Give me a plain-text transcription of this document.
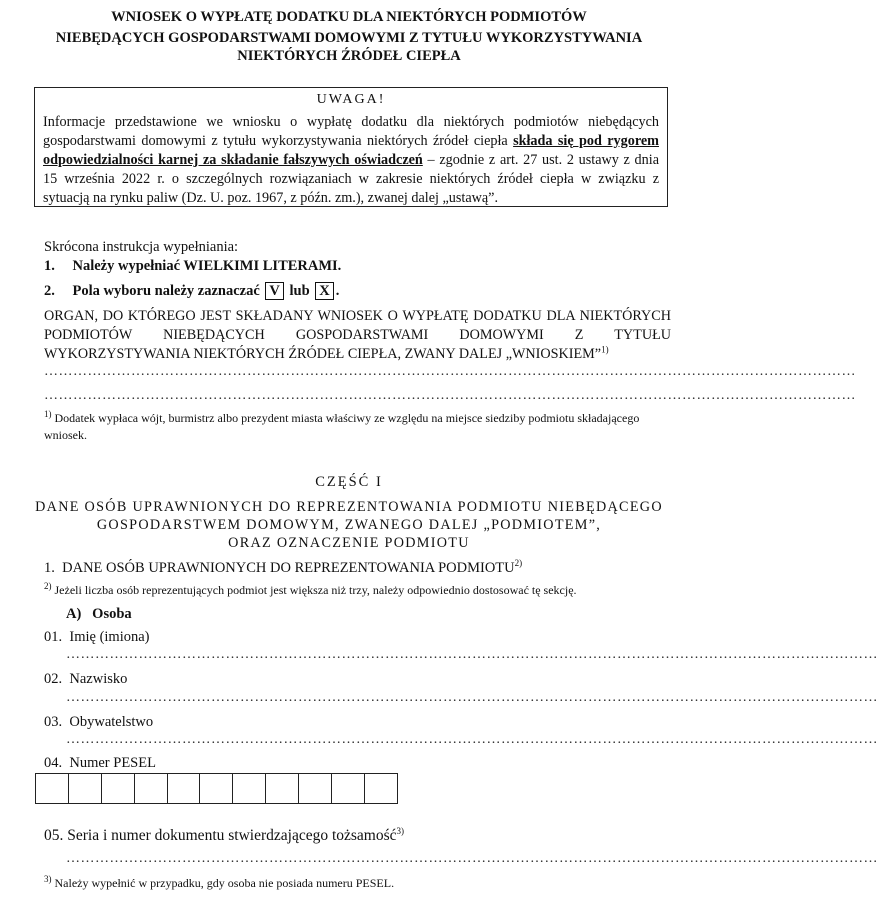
WNIOSEK O WYPŁATĘ DODATKU DLA NIEKTÓRYCH PODMIOTÓW
NIEBĘDĄCYCH GOSPODARSTWAMI DOMOWYMI Z TYTUŁU WYKORZYSTYWANIA
NIEKTÓRYCH ŹRÓDEŁ CIEPŁA
UWAGA!
Informacje przedstawione we wniosku o wypłatę dodatku dla niektórych podmiotów niebędących gospodarstwami domowymi z tytułu wykorzystywania niektórych źródeł ciepła składa się pod rygorem odpowiedzialności karnej za składanie fałszywych oświadczeń – zgodnie z art. 27 ust. 2 ustawy z dnia 15 września 2022 r. o szczególnych rozwiązaniach w zakresie niektórych źródeł ciepła w związku z sytuacją na rynku paliw (Dz. U. poz. 1967, z późn. zm.), zwanej dalej „ustawą”.
Skrócona instrukcja wypełniania:
1. Należy wypełniać WIELKIMI LITERAMI.
2. Pola wyboru należy zaznaczać V lub X .
ORGAN, DO KTÓREGO JEST SKŁADANY WNIOSEK O WYPŁATĘ DODATKU DLA NIEKTÓRYCH PODMIOTÓW NIEBĘDĄCYCH GOSPODARSTWAMI DOMOWYMI Z TYTUŁU WYKORZYSTYWANIA NIEKTÓRYCH ŹRÓDEŁ CIEPŁA, ZWANY DALEJ „WNIOSKIEM”$^{1)}$
……………………………………………………………………………………………………………………………………………………
……………………………………………………………………………………………………………………………………………………
$^{1)}$ Dodatek wypłaca wójt, burmistrz albo prezydent miasta właściwy ze względu na miejsce siedziby podmiotu składającego wniosek.
CZĘŚĆ I
DANE OSÓB UPRAWNIONYCH DO REPREZENTOWANIA PODMIOTU NIEBĘDĄCEGO
GOSPODARSTWEM DOMOWYM, ZWANEGO DALEJ „PODMIOTEM”,
ORAZ OZNACZENIE PODMIOTU
1.  DANE OSÓB UPRAWNIONYCH DO REPREZENTOWANIA PODMIOTU$^{2)}$
$^{2)}$ Jeżeli liczba osób reprezentujących podmiot jest większa niż trzy, należy odpowiednio dostosować tę sekcję.
A)   Osoba
01.  Imię (imiona)
……………………………………………………………………………………………………………………………………………………
02.  Nazwisko
……………………………………………………………………………………………………………………………………………………
03.  Obywatelstwo
……………………………………………………………………………………………………………………………………………………
04.  Numer PESEL
05. Seria i numer dokumentu stwierdzającego tożsamość$^{3)}$
……………………………………………………………………………………………………………………………………………………
$^{3)}$ Należy wypełnić w przypadku, gdy osoba nie posiada numeru PESEL.
